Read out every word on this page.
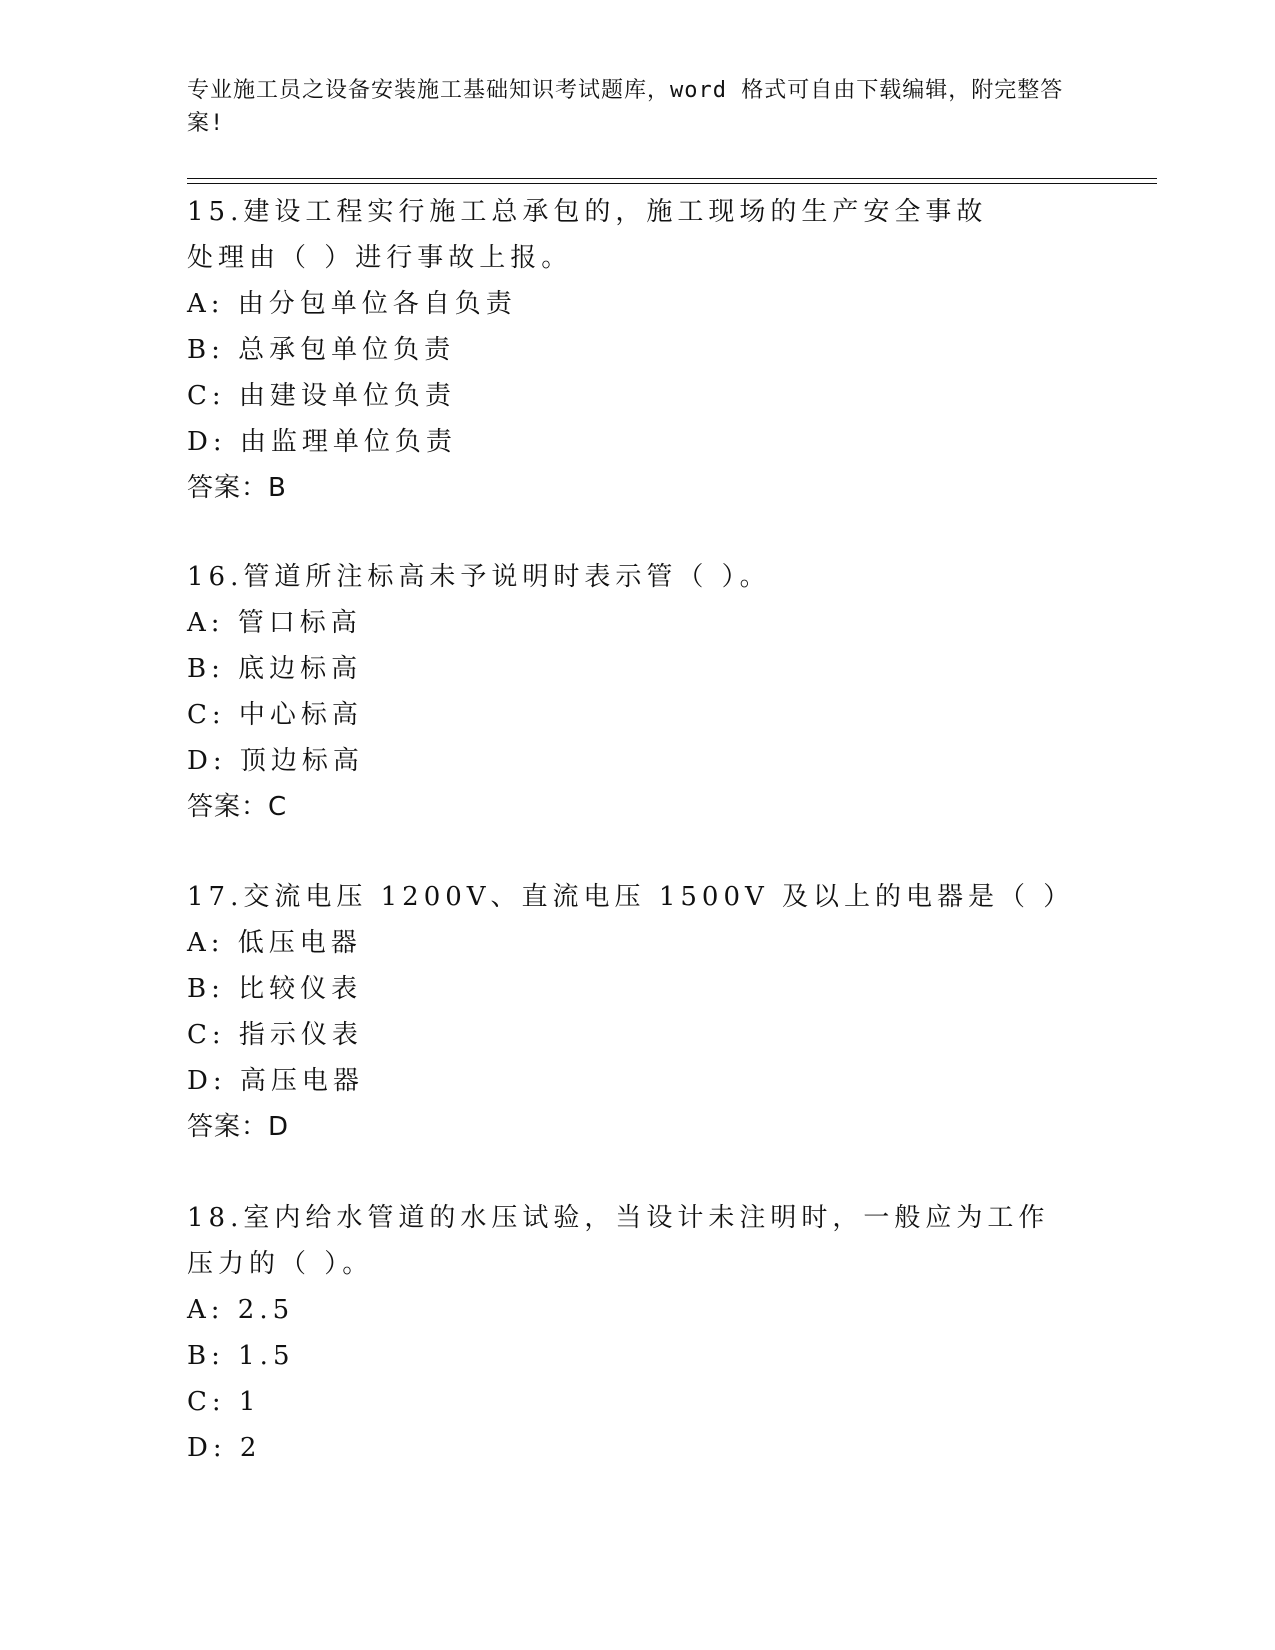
专业施工员之设备安装施工基础知识考试题库，word 格式可自由下载编辑，附完整答案!
15.建设工程实行施工总承包的，施工现场的生产安全事故处理由（ ）进行事故上报。
A: 由分包单位各自负责
B: 总承包单位负责
C: 由建设单位负责
D: 由监理单位负责
答案：B
16.管道所注标高未予说明时表示管（ ）。
A: 管口标高
B: 底边标高
C: 中心标高
D: 顶边标高
答案：C
17.交流电压 1200V、直流电压 1500V 及以上的电器是（ ）
A: 低压电器
B: 比较仪表
C: 指示仪表
D: 高压电器
答案：D
18.室内给水管道的水压试验，当设计未注明时，一般应为工作压力的（ ）。
A: 2.5
B: 1.5
C: 1
D: 2
